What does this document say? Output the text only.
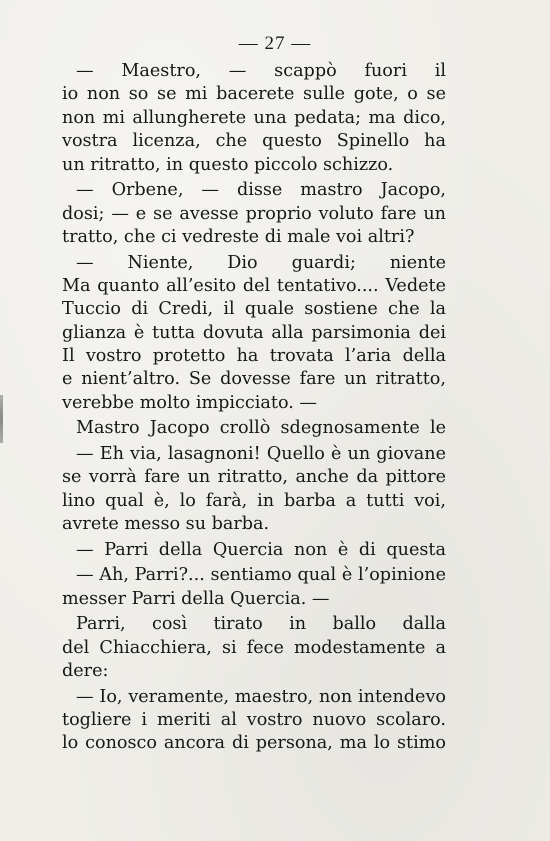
— 27 —
— Maestro, — scappò fuori il
io non so se mi bacerete sulle gote, o se
non mi allungherete una pedata; ma dico,
vostra licenza, che questo Spinello ha
un ritratto, in questo piccolo schizzo.
— Orbene, — disse mastro Jacopo,
dosi; — e se avesse proprio voluto fare un
tratto, che ci vedreste di male voi altri?
— Niente, Dio guardi; niente
Ma quanto all’esito del tentativo.... Vedete
Tuccio di Credi, il quale sostiene che la
glianza è tutta dovuta alla parsimonia dei
Il vostro protetto ha trovata l’aria della
e nient’altro. Se dovesse fare un ritratto,
verebbe molto impicciato. —
Mastro Jacopo crollò sdegnosamente le
— Eh via, lasagnoni! Quello è un giovane
se vorrà fare un ritratto, anche da pittore
lino qual è, lo farà, in barba a tutti voi,
avrete messo su barba.
— Parri della Quercia non è di questa
— Ah, Parri?... sentiamo qual è l’opinione
messer Parri della Quercia. —
Parri, così tirato in ballo dalla
del Chiacchiera, si fece modestamente a
dere:
— Io, veramente, maestro, non intendevo
togliere i meriti al vostro nuovo scolaro.
lo conosco ancora di persona, ma lo stimo
